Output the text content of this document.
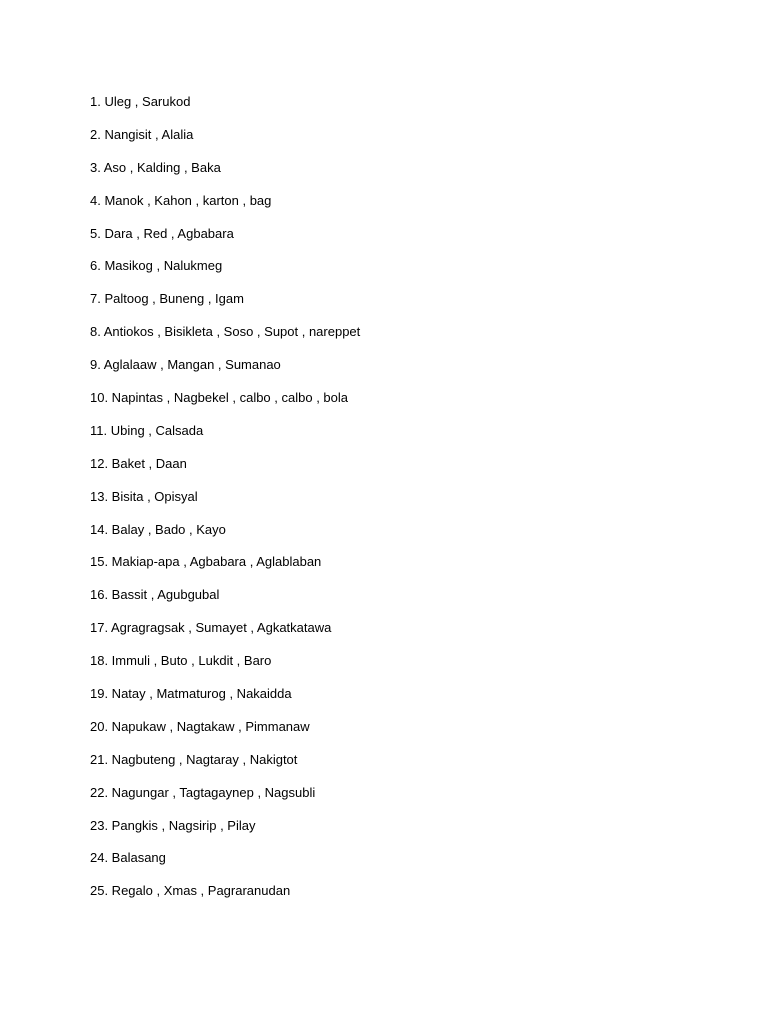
1. Uleg , Sarukod
2. Nangisit , Alalia
3. Aso , Kalding , Baka
4. Manok , Kahon , karton , bag
5. Dara , Red , Agbabara
6. Masikog , Nalukmeg
7. Paltoog , Buneng , Igam
8. Antiokos , Bisikleta , Soso , Supot , nareppet
9. Aglalaaw , Mangan , Sumanao
10. Napintas , Nagbekel , calbo , calbo , bola
11. Ubing , Calsada
12. Baket , Daan
13. Bisita , Opisyal
14. Balay , Bado , Kayo
15. Makiap-apa , Agbabara , Aglablaban
16. Bassit , Agubgubal
17. Agragragsak , Sumayet , Agkatkatawa
18. Immuli , Buto , Lukdit , Baro
19. Natay , Matmaturog , Nakaidda
20. Napukaw , Nagtakaw , Pimmanaw
21. Nagbuteng , Nagtaray , Nakigtot
22. Nagungar , Tagtagaynep , Nagsubli
23. Pangkis , Nagsirip , Pilay
24. Balasang
25. Regalo , Xmas , Pagraranudan
